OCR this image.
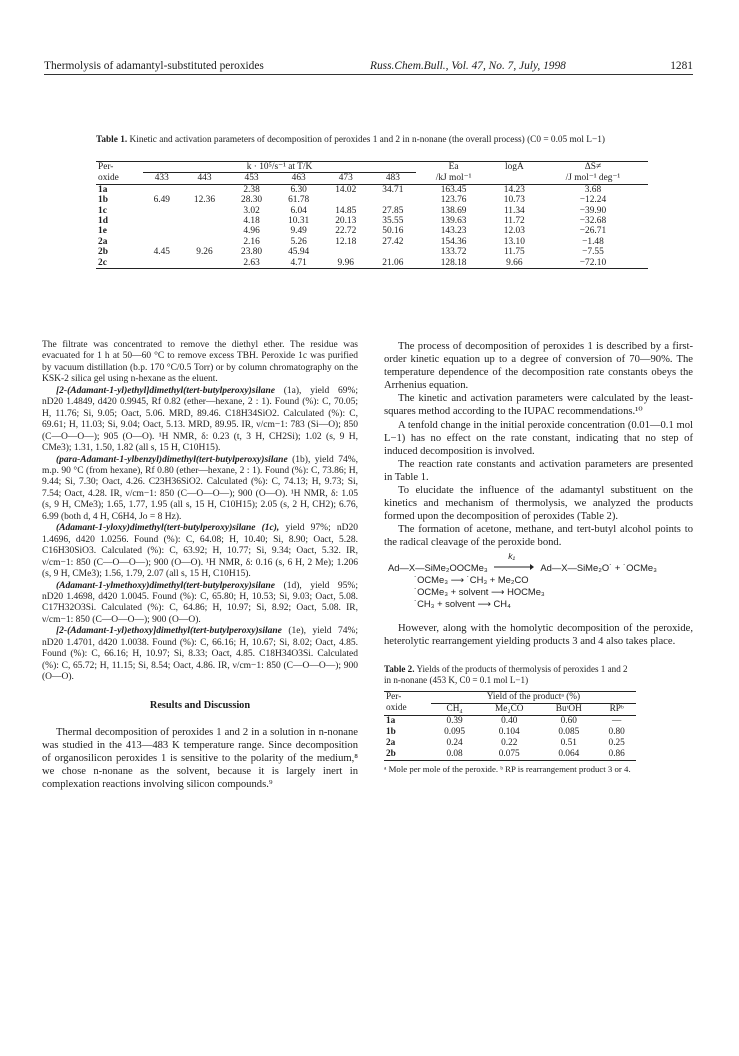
Thermolysis of adamantyl-substituted peroxides	Russ.Chem.Bull., Vol. 47, No. 7, July, 1998	1281
Table 1. Kinetic and activation parameters of decomposition of peroxides 1 and 2 in n-nonane (the overall process) (C0 = 0.05 mol L−1)
Per-	k · 10⁵/s⁻¹ at T/K						Ea	logA	ΔS≠
oxide	433	443	453	463	473	483	/kJ mol⁻¹		/J mol⁻¹ deg⁻¹
1a			2.38	6.30	14.02	34.71	163.45	14.23	3.68
1b	6.49	12.36	28.30	61.78			123.76	10.73	−12.24
1c			3.02	6.04	14.85	27.85	138.69	11.34	−39.90
1d			4.18	10.31	20.13	35.55	139.63	11.72	−32.68
1e			4.96	9.49	22.72	50.16	143.23	12.03	−26.71
2a			2.16	5.26	12.18	27.42	154.36	13.10	−1.48
2b	4.45	9.26	23.80	45.94			133.72	11.75	−7.55
2c			2.63	4.71	9.96	21.06	128.18	9.66	−72.10

The filtrate was concentrated to remove the diethyl ether. The residue was evacuated for 1 h at 50—60 °C to remove excess TBH. Peroxide 1c was purified by vacuum distillation (b.p. 170 °C/0.5 Torr) or by column chromatography on the KSK-2 silica gel using n-hexane as the eluent.

[2-(Adamant-1-yl)ethyl]dimethyl(tert-butylperoxy)silane (1a), yield 69%; nD20 1.4849, d420 0.9945, Rf 0.82 (ether—hexane, 2 : 1). Found (%): C, 70.05; H, 11.76; Si, 9.05; Oact, 5.06. MRD, 89.46. C18H34SiO2. Calculated (%): C, 69.61; H, 11.03; Si, 9.04; Oact, 5.13. MRD, 89.95. IR, ν/cm−1: 783 (Si—O); 850 (C—O—O—); 905 (O—O). ¹H NMR, δ: 0.23 (t, 3 H, CH2Si); 1.02 (s, 9 H, CMe3); 1.31, 1.50, 1.82 (all s, 15 H, C10H15).

(para-Adamant-1-ylbenzyl)dimethyl(tert-butylperoxy)silane (1b), yield 74%, m.p. 90 °C (from hexane), Rf 0.80 (ether—hexane, 2 : 1). Found (%): C, 73.86; H, 9.44; Si, 7.30; Oact, 4.26. C23H36SiO2. Calculated (%): C, 74.13; H, 9.73; Si, 7.54; Oact, 4.28. IR, ν/cm−1: 850 (C—O—O—); 900 (O—O). ¹H NMR, δ: 1.05 (s, 9 H, CMe3); 1.65, 1.77, 1.95 (all s, 15 H, C10H15); 2.05 (s, 2 H, CH2); 6.76, 6.99 (both d, 4 H, C6H4, Jo = 8 Hz).

(Adamant-1-yloxy)dimethyl(tert-butylperoxy)silane (1c), yield 97%; nD20 1.4696, d420 1.0256. Found (%): C, 64.08; H, 10.40; Si, 8.90; Oact, 5.28. C16H30SiO3. Calculated (%): C, 63.92; H, 10.77; Si, 9.34; Oact, 5.32. IR, ν/cm−1: 850 (C—O—O—); 900 (O—O). ¹H NMR, δ: 0.16 (s, 6 H, 2 Me); 1.206 (s, 9 H, CMe3); 1.56, 1.79, 2.07 (all s, 15 H, C10H15).

(Adamant-1-ylmethoxy)dimethyl(tert-butylperoxy)silane (1d), yield 95%; nD20 1.4698, d420 1.0045. Found (%): C, 65.80; H, 10.53; Si, 9.03; Oact, 5.08. C17H32O3Si. Calculated (%): C, 64.86; H, 10.97; Si, 8.92; Oact, 5.08. IR, ν/cm−1: 850 (C—O—O—); 900 (O—O).

[2-(Adamant-1-yl)ethoxy]dimethyl(tert-butylperoxy)silane (1e), yield 74%; nD20 1.4701, d420 1.0038. Found (%): C, 66.16; H, 10.67; Si, 8.02; Oact, 4.85. Found (%): C, 66.16; H, 10.97; Si, 8.33; Oact, 4.85. C18H34O3Si. Calculated (%): C, 65.72; H, 11.15; Si, 8.54; Oact, 4.86. IR, ν/cm−1: 850 (C—O—O—); 900 (O—O).

Results and Discussion

Thermal decomposition of peroxides 1 and 2 in a solution in n-nonane was studied in the 413—483 K temperature range. Since decomposition of organosilicon peroxides 1 is sensitive to the polarity of the medium,⁸ we chose n-nonane as the solvent, because it is largely inert in complexation reactions involving silicon compounds.⁹

The process of decomposition of peroxides 1 is described by a first-order kinetic equation up to a degree of conversion of 70—90%. The temperature dependence of the decomposition rate constants obeys the Arrhenius equation.

The kinetic and activation parameters were calculated by the least-squares method according to the IUPAC recommendations.¹⁰

A tenfold change in the initial peroxide concentration (0.01—0.1 mol L−1) has no effect on the rate constant, indicating that no step of induced decomposition is involved.

The reaction rate constants and activation parameters are presented in Table 1.

To elucidate the influence of the adamantyl substituent on the kinetics and mechanism of thermolysis, we analyzed the products formed upon the decomposition of peroxides (Table 2).

The formation of acetone, methane, and tert-butyl alcohol points to the radical cleavage of the peroxide bond.

Ad—X—SiMe₂OOCMe₃
k₁
Ad—X—SiMe₂O˙ + ˙OCMe₃
˙OCMe₃ ⟶ ˙CH₃ + Me₂CO
˙OCMe₃ + solvent ⟶ HOCMe₃
˙CH₃ + solvent ⟶ CH₄

However, along with the homolytic decomposition of the peroxide, heterolytic rearrangement yielding products 3 and 4 also takes place.

Table 2. Yields of the products of thermolysis of peroxides 1 and 2 in n-nonane (453 K, C0 = 0.1 mol L−1)
Per-	Yield of the productᵃ (%)			
oxide	CH₄	Me₂CO	BuᵗOH	RPᵇ
1a	0.39	0.40	0.60	—
1b	0.095	0.104	0.085	0.80
2a	0.24	0.22	0.51	0.25
2b	0.08	0.075	0.064	0.86
ᵃ Mole per mole of the peroxide. ᵇ RP is rearrangement product 3 or 4.
